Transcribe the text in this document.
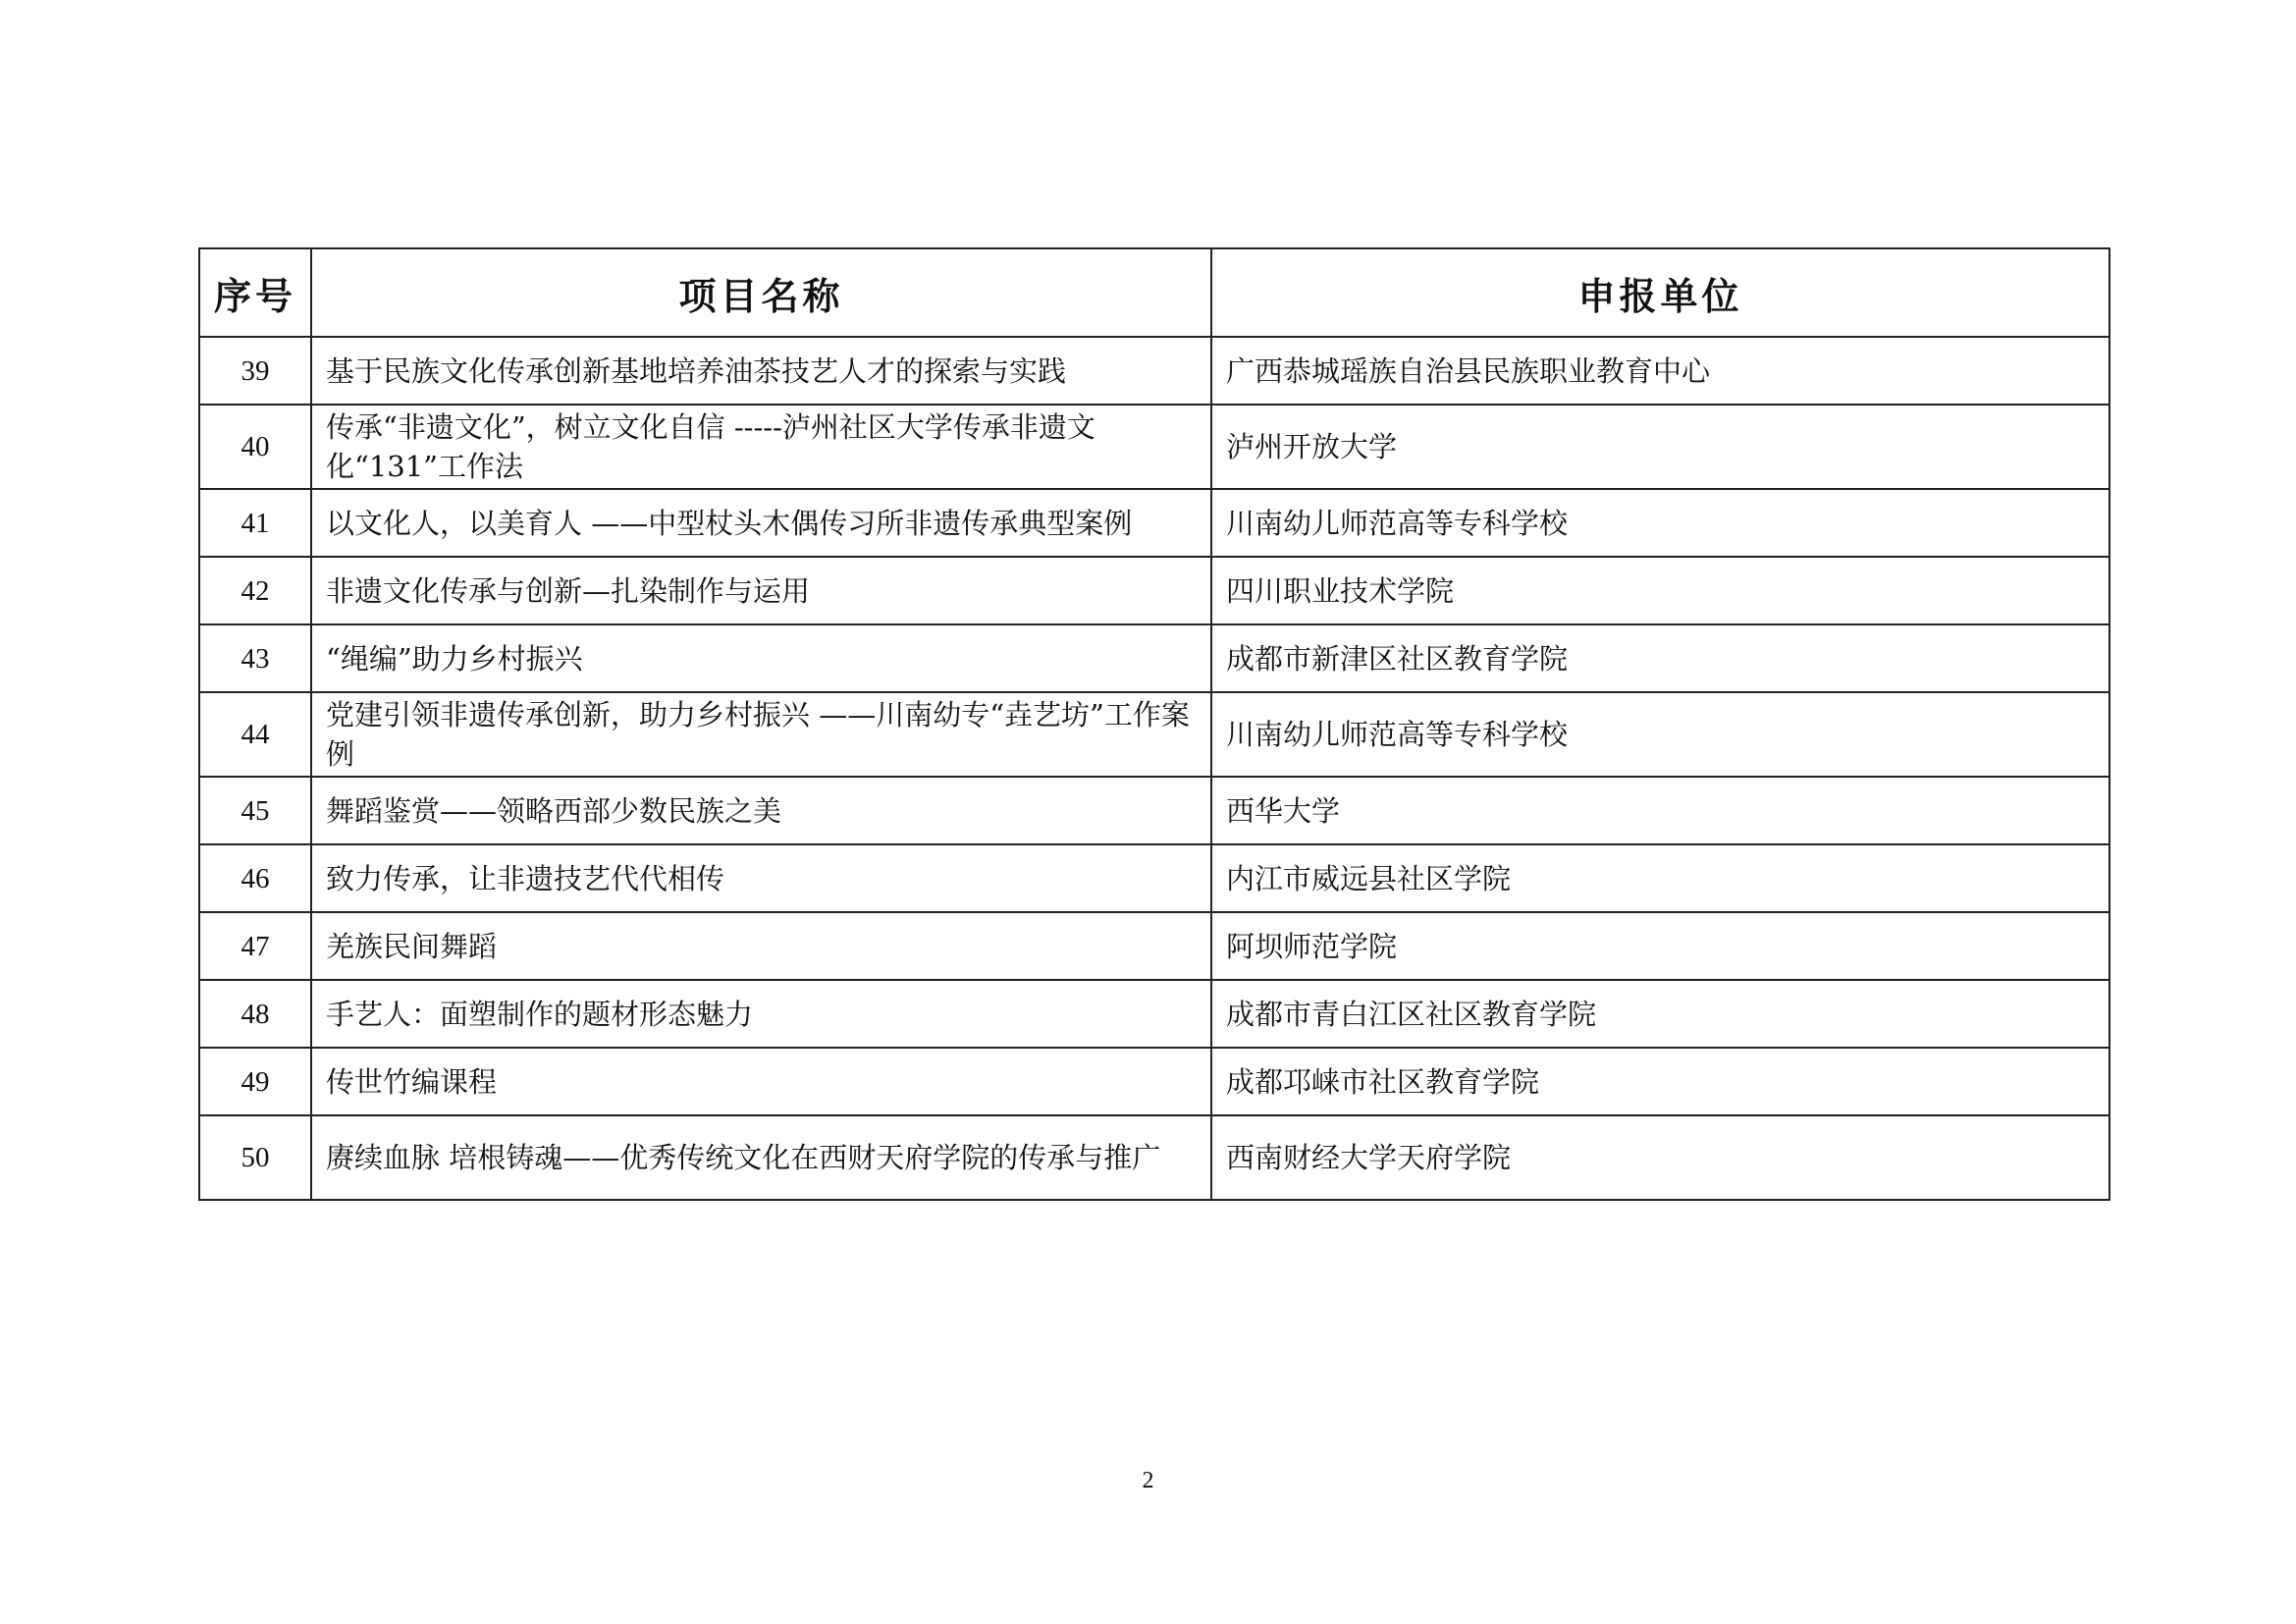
序号	项目名称	申报单位
39	基于民族文化传承创新基地培养油茶技艺人才的探索与实践	广西恭城瑶族自治县民族职业教育中心
40	传承“非遗文化”，树立文化自信 -----泸州社区大学传承非遗文化“131”工作法	泸州开放大学
41	以文化人，以美育人 ——中型杖头木偶传习所非遗传承典型案例	川南幼儿师范高等专科学校
42	非遗文化传承与创新—扎染制作与运用	四川职业技术学院
43	“绳编”助力乡村振兴	成都市新津区社区教育学院
44	党建引领非遗传承创新，助力乡村振兴 ——川南幼专“垚艺坊”工作案例	川南幼儿师范高等专科学校
45	舞蹈鉴赏——领略西部少数民族之美	西华大学
46	致力传承，让非遗技艺代代相传	内江市威远县社区学院
47	羌族民间舞蹈	阿坝师范学院
48	手艺人：面塑制作的题材形态魅力	成都市青白江区社区教育学院
49	传世竹编课程	成都邛崃市社区教育学院
50	赓续血脉 培根铸魂——优秀传统文化在西财天府学院的传承与推广	西南财经大学天府学院
2
